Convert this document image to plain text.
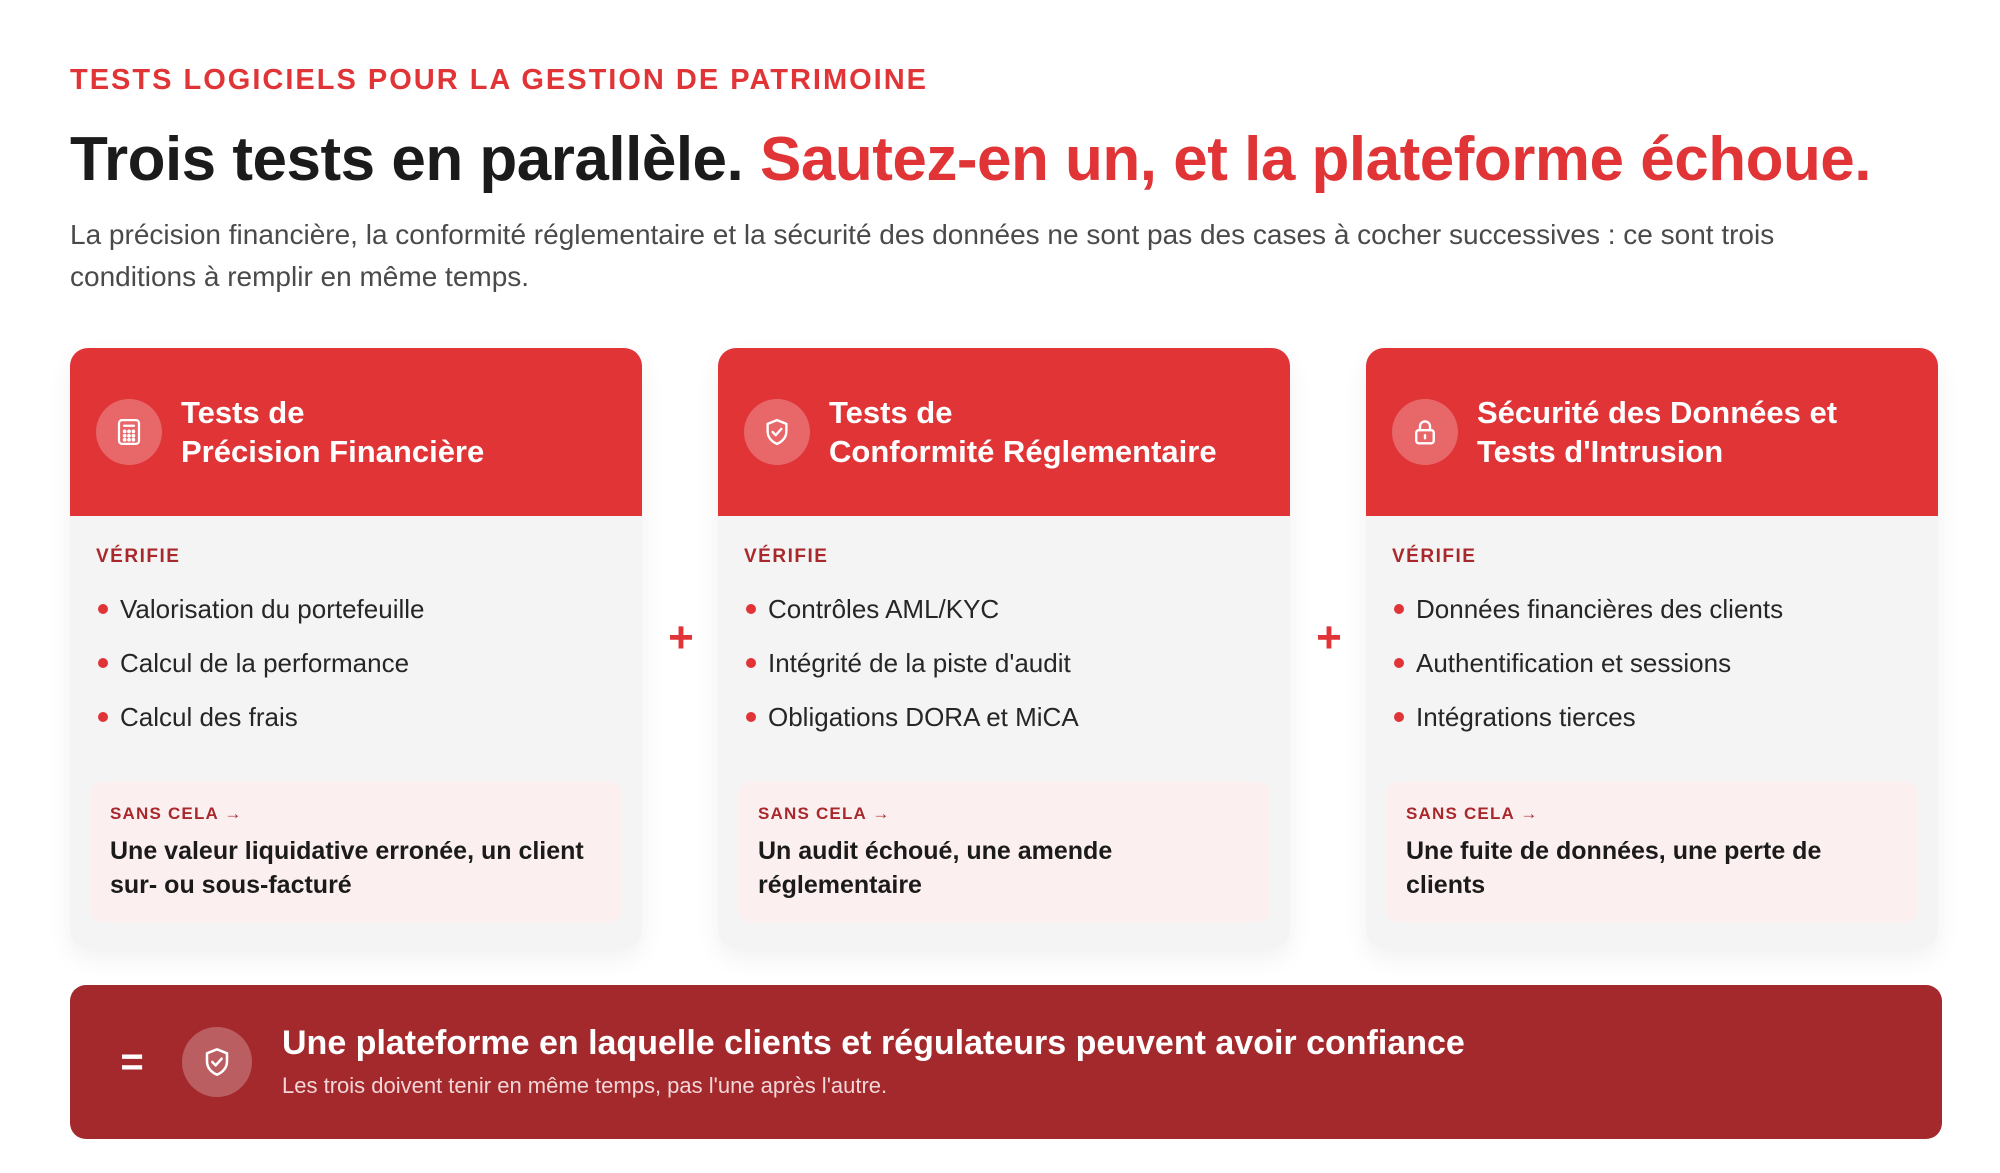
TESTS LOGICIELS POUR LA GESTION DE PATRIMOINE
Trois tests en parallèle. Sautez-en un, et la plateforme échoue.

La précision financière, la conformité réglementaire et la sécurité des données ne sont pas des cases à cocher successives : ce sont trois conditions à remplir en même temps.

Tests de
Précision Financière
VÉRIFIE
Valorisation du portefeuille
Calcul de la performance
Calcul des frais
SANS CELA →
Une valeur liquidative erronée, un client sur- ou sous-facturé
Tests de
Conformité Réglementaire
VÉRIFIE
Contrôles AML/KYC
Intégrité de la piste d'audit
Obligations DORA et MiCA
SANS CELA →
Un audit échoué, une amende réglementaire
Sécurité des Données et
Tests d'Intrusion
VÉRIFIE
Données financières des clients
Authentification et sessions
Intégrations tierces
SANS CELA →
Une fuite de données, une perte de clients
+	+
=	Une plateforme en laquelle clients et régulateurs peuvent avoir confiance
Les trois doivent tenir en même temps, pas l'une après l'autre.
